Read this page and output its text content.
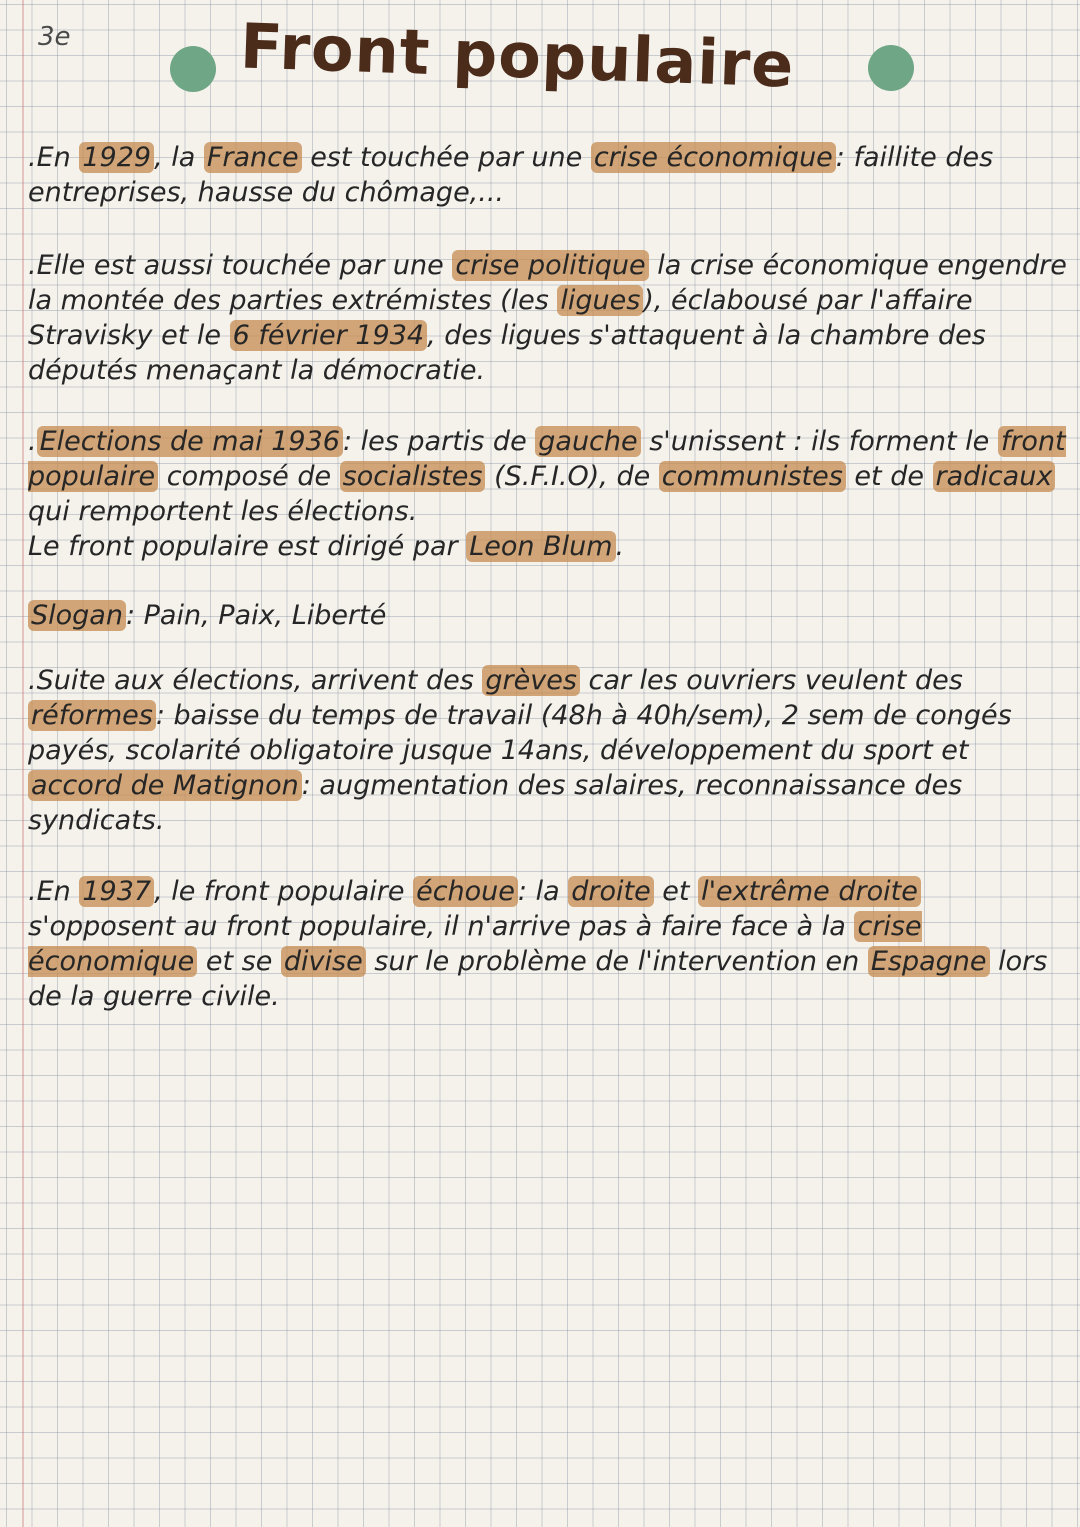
3e	Front populaire

.En 1929 , la France est touchée par une crise économique : faillite des entreprises, hausse du chômage,...

.Elle est aussi touchée par une crise politique la crise économique engendre la montée des parties extrémistes (les ligues ), éclabousé par l'affaire Stravisky et le 6 février 1934 , des ligues s'attaquent à la chambre des députés menaçant la démocratie.

. Elections de mai 1936 : les partis de gauche s'unissent : ils forment le front populaire composé de socialistes (S.F.I.O), de communistes et de radicaux qui remportent les élections.

Le front populaire est dirigé par Leon Blum .

Slogan : Pain, Paix, Liberté

.Suite aux élections, arrivent des grèves car les ouvriers veulent des réformes : baisse du temps de travail (48h à 40h/sem), 2 sem de congés payés, scolarité obligatoire jusque 14ans, développement du sport et accord de Matignon : augmentation des salaires, reconnaissance des syndicats.

.En 1937 , le front populaire échoue : la droite et l'extrême droite s'opposent au front populaire, il n'arrive pas à faire face à la crise économique et se divise sur le problème de l'intervention en Espagne lors de la guerre civile.
